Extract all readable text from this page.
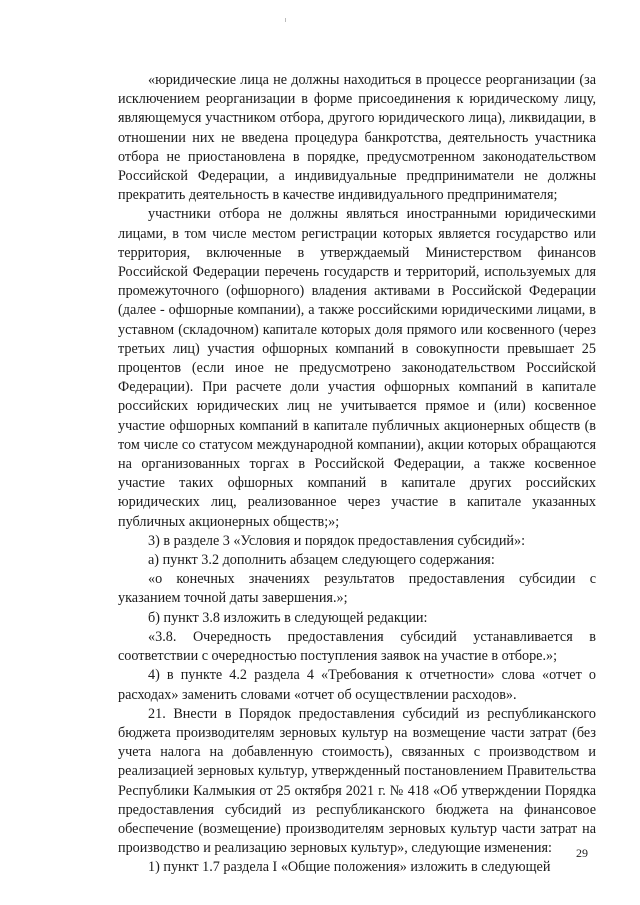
«юридические лица не должны находиться в процессе реорганизации (за исключением реорганизации в форме присоединения к юридическому лицу, являющемуся участником отбора, другого юридического лица), ликвидации, в отношении них не введена процедура банкротства, деятельность участника отбора не приостановлена в порядке, предусмотренном законодательством Российской Федерации, а индивидуальные предприниматели не должны прекратить деятельность в качестве индивидуального предпринимателя;

участники отбора не должны являться иностранными юридическими лицами, в том числе местом регистрации которых является государство или территория, включенные в утверждаемый Министерством финансов Российской Федерации перечень государств и территорий, используемых для промежуточного (офшорного) владения активами в Российской Федерации (далее - офшорные компании), а также российскими юридическими лицами, в уставном (складочном) капитале которых доля прямого или косвенного (через третьих лиц) участия офшорных компаний в совокупности превышает 25 процентов (если иное не предусмотрено законодательством Российской Федерации). При расчете доли участия офшорных компаний в капитале российских юридических лиц не учитывается прямое и (или) косвенное участие офшорных компаний в капитале публичных акционерных обществ (в том числе со статусом международной компании), акции которых обращаются на организованных торгах в Российской Федерации, а также косвенное участие таких офшорных компаний в капитале других российских юридических лиц, реализованное через участие в капитале указанных публичных акционерных обществ;»;

3) в разделе 3 «Условия и порядок предоставления субсидий»:

а) пункт 3.2 дополнить абзацем следующего содержания:

«о конечных значениях результатов предоставления субсидии с указанием точной даты завершения.»;

б) пункт 3.8 изложить в следующей редакции:

«3.8. Очередность предоставления субсидий устанавливается в соответствии с очередностью поступления заявок на участие в отборе.»;

4) в пункте 4.2 раздела 4 «Требования к отчетности» слова «отчет о расходах» заменить словами «отчет об осуществлении расходов».

21. Внести в Порядок предоставления субсидий из республиканского бюджета производителям зерновых культур на возмещение части затрат (без учета налога на добавленную стоимость), связанных с производством и реализацией зерновых культур, утвержденный постановлением Правительства Республики Калмыкия от 25 октября 2021 г. № 418 «Об утверждении Порядка предоставления субсидий из республиканского бюджета на финансовое обеспечение (возмещение) производителям зерновых культур части затрат на производство и реализацию зерновых культур», следующие изменения:

1) пункт 1.7 раздела I «Общие положения» изложить в следующей

29
